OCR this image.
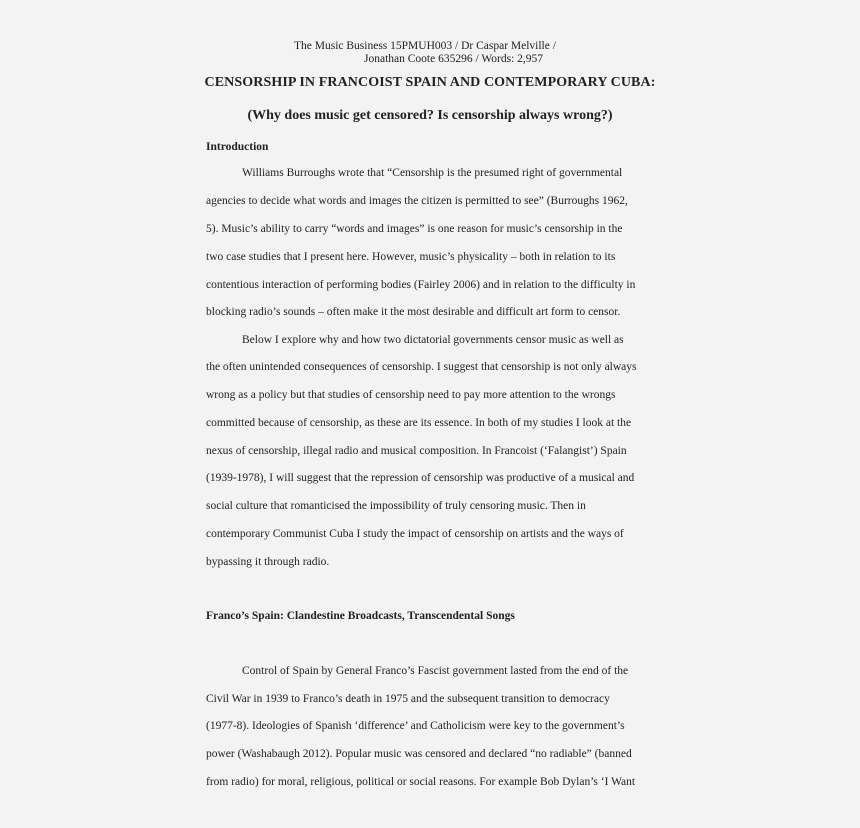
The Music Business 15PMUH003 / Dr Caspar Melville /
Jonathan Coote 635296 / Words: 2,957
CENSORSHIP IN FRANCOIST SPAIN AND CONTEMPORARY CUBA:
(Why does music get censored? Is censorship always wrong?)
Introduction
Williams Burroughs wrote that “Censorship is the presumed right of governmental
agencies to decide what words and images the citizen is permitted to see” (Burroughs 1962,
5). Music’s ability to carry “words and images” is one reason for music’s censorship in the
two case studies that I present here. However, music’s physicality – both in relation to its
contentious interaction of performing bodies (Fairley 2006) and in relation to the difficulty in
blocking radio’s sounds – often make it the most desirable and difficult art form to censor.
Below I explore why and how two dictatorial governments censor music as well as
the often unintended consequences of censorship. I suggest that censorship is not only always
wrong as a policy but that studies of censorship need to pay more attention to the wrongs
committed because of censorship, as these are its essence. In both of my studies I look at the
nexus of censorship, illegal radio and musical composition. In Francoist (‘Falangist’) Spain
(1939-1978), I will suggest that the repression of censorship was productive of a musical and
social culture that romanticised the impossibility of truly censoring music. Then in
contemporary Communist Cuba I study the impact of censorship on artists and the ways of
bypassing it through radio.
Franco’s Spain: Clandestine Broadcasts, Transcendental Songs
Control of Spain by General Franco’s Fascist government lasted from the end of the
Civil War in 1939 to Franco’s death in 1975 and the subsequent transition to democracy
(1977-8). Ideologies of Spanish ‘difference’ and Catholicism were key to the government’s
power (Washabaugh 2012). Popular music was censored and declared “no radiable” (banned
from radio) for moral, religious, political or social reasons. For example Bob Dylan’s ‘I Want
